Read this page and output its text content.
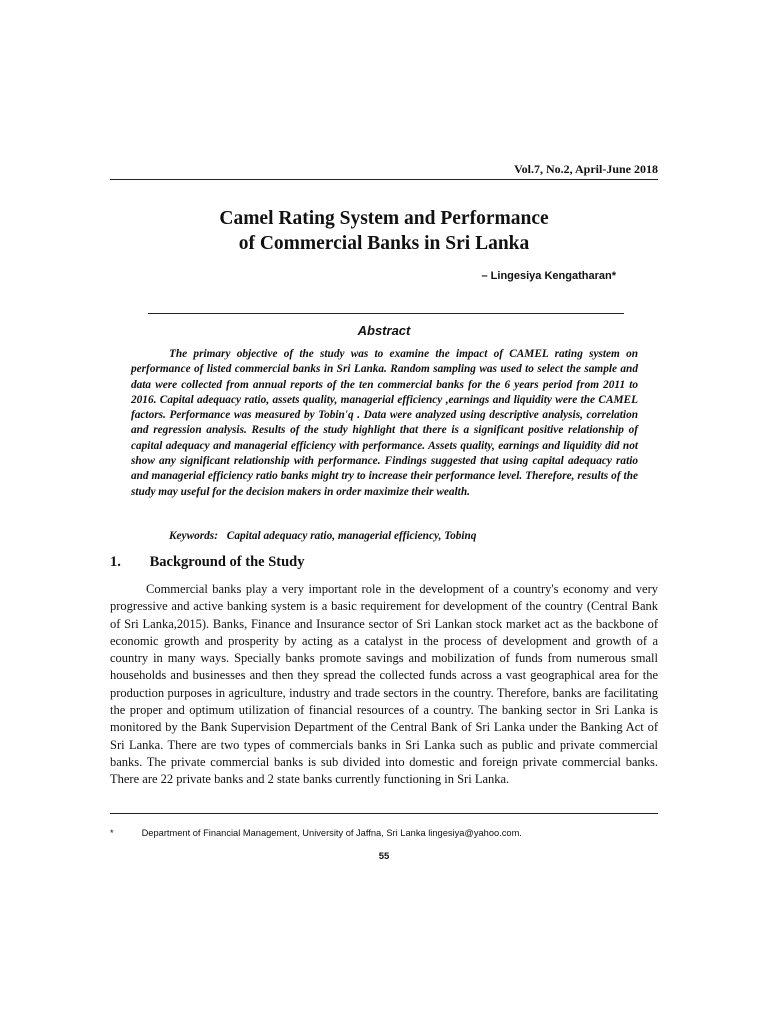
Vol.7, No.2, April-June 2018
Camel Rating System and Performance
of Commercial Banks in Sri Lanka
– Lingesiya Kengatharan*
Abstract

The primary objective of the study was to examine the impact of CAMEL rating system on performance of listed commercial banks in Sri Lanka. Random sampling was used to select the sample and data were collected from annual reports of the ten commercial banks for the 6 years period from 2011 to 2016. Capital adequacy ratio, assets quality, managerial efficiency ,earnings and liquidity were the CAMEL factors. Performance was measured by Tobin'q . Data were analyzed using descriptive analysis, correlation and regression analysis. Results of the study highlight that there is a significant positive relationship of capital adequacy and managerial efficiency with performance. Assets quality, earnings and liquidity did not show any significant relationship with performance. Findings suggested that using capital adequacy ratio and managerial efficiency ratio banks might try to increase their performance level. Therefore, results of the study may useful for the decision makers in order maximize their wealth.

Keywords: Capital adequacy ratio, managerial efficiency, Tobinq
1. Background of the Study

Commercial banks play a very important role in the development of a country's economy and very progressive and active banking system is a basic requirement for development of the country (Central Bank of Sri Lanka,2015). Banks, Finance and Insurance sector of Sri Lankan stock market act as the backbone of economic growth and prosperity by acting as a catalyst in the process of development and growth of a country in many ways. Specially banks promote savings and mobilization of funds from numerous small households and businesses and then they spread the collected funds across a vast geographical area for the production purposes in agriculture, industry and trade sectors in the country. Therefore, banks are facilitating the proper and optimum utilization of financial resources of a country. The banking sector in Sri Lanka is monitored by the Bank Supervision Department of the Central Bank of Sri Lanka under the Banking Act of Sri Lanka. There are two types of commercials banks in Sri Lanka such as public and private commercial banks. The private commercial banks is sub divided into domestic and foreign private commercial banks. There are 22 private banks and 2 state banks currently functioning in Sri Lanka.

*	Department of Financial Management, University of Jaffna, Sri Lanka lingesiya@yahoo.com.
55
